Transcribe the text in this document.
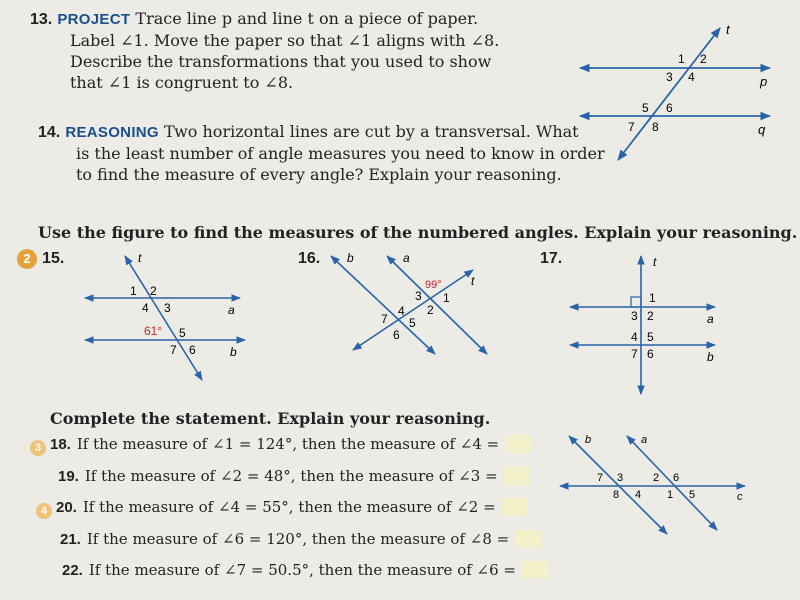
13. PROJECT Trace line p and line t on a piece of paper.
Label ∠1. Move the paper so that ∠1 aligns with ∠8.
Describe the transformations that you used to show
that ∠1 is congruent to ∠8.
14. REASONING Two horizontal lines are cut by a transversal. What
is the least number of angle measures you need to know in order
to find the measure of every angle? Explain your reasoning.
t
p
q
1 2
3 4
5 6
7 8
Use the figure to find the measures of the numbered angles. Explain your reasoning.
2 15.	t
a
b
1 2
4 3
61° 5
7 6
16. b	a
t
99°
1
3
2
4
7 5
6
17.	t
a
b
1
3 2
4 5
7 6
Complete the statement. Explain your reasoning.
3 18. If the measure of ∠1 = 124°, then the measure of ∠4 =
19. If the measure of ∠2 = 48°, then the measure of ∠3 =
4 20. If the measure of ∠4 = 55°, then the measure of ∠2 =
21. If the measure of ∠6 = 120°, then the measure of ∠8 =
22. If the measure of ∠7 = 50.5°, then the measure of ∠6 =
b	a
c
7 3
8 4
2 6
1 5
